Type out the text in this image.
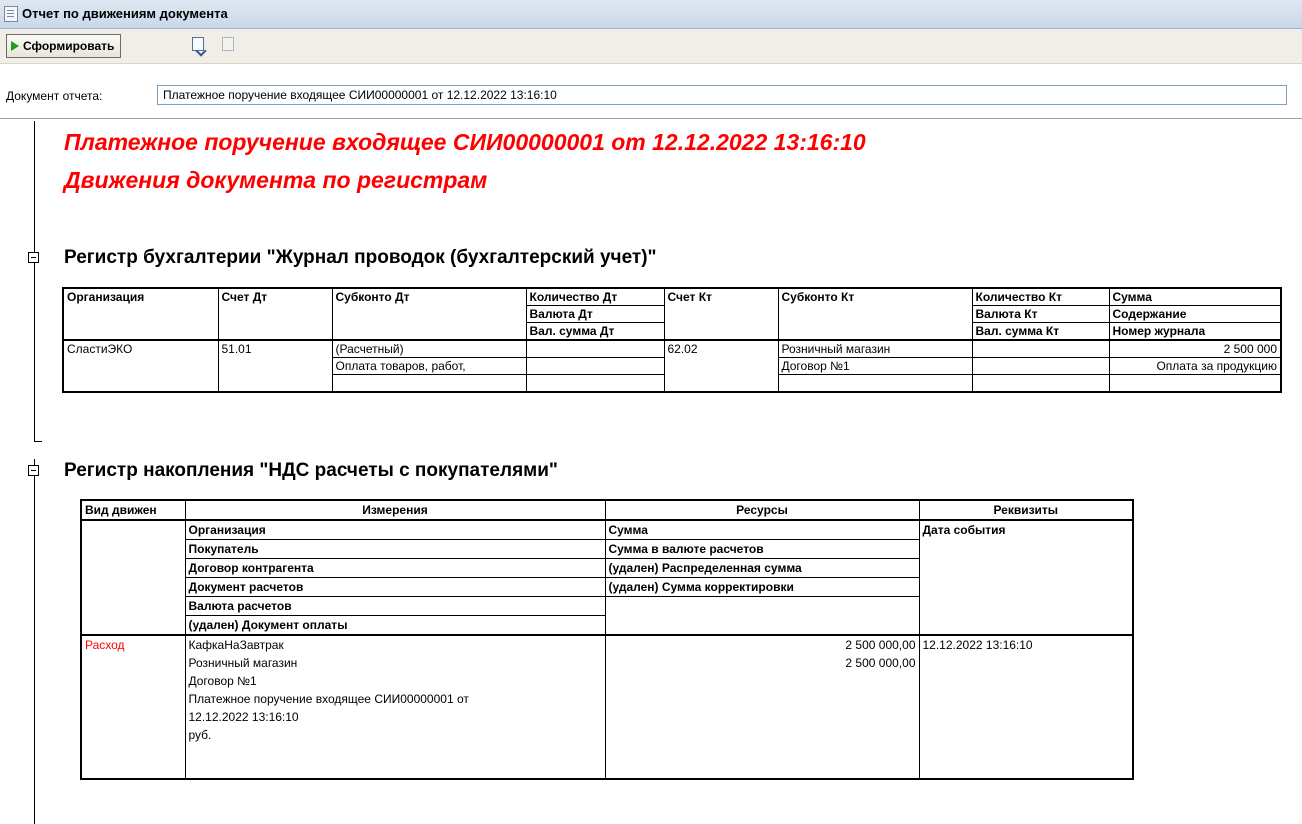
Отчет по движениям документа
Сформировать
Документ отчета:	Платежное поручение входящее СИИ00000001 от 12.12.2022 13:16:10
Платежное поручение входящее СИИ00000001 от 12.12.2022 13:16:10
Движения документа по регистрам
Регистр бухгалтерии "Журнал проводок (бухгалтерский учет)"
Организация	Счет Дт	Субконто Дт	Количество Дт	Счет Кт	Субконто Кт	Количество Кт	Сумма
			Валюта Дт			Валюта Кт	Содержание
			Вал. сумма Дт			Вал. сумма Кт	Номер журнала
СластиЭКО	51.01	(Расчетный)		62.02	Розничный магазин		2 500 000
		Оплата товаров, работ,			Договор №1		Оплата за продукцию

Регистр накопления "НДС расчеты с покупателями"
Вид движен	Измерения	Ресурсы	Реквизиты
	Организация	Сумма	Дата события
	Покупатель	Сумма в валюте расчетов	
	Договор контрагента	(удален) Распределенная сумма	
	Документ расчетов	(удален) Сумма корректировки	
	Валюта расчетов		
	(удален) Документ оплаты		
Расход	КафкаНаЗавтрак	2 500 000,00	12.12.2022 13:16:10
	Розничный магазин	2 500 000,00	
	Договор №1		
	Платежное поручение входящее СИИ00000001 от		
	12.12.2022 13:16:10		
	руб.		
